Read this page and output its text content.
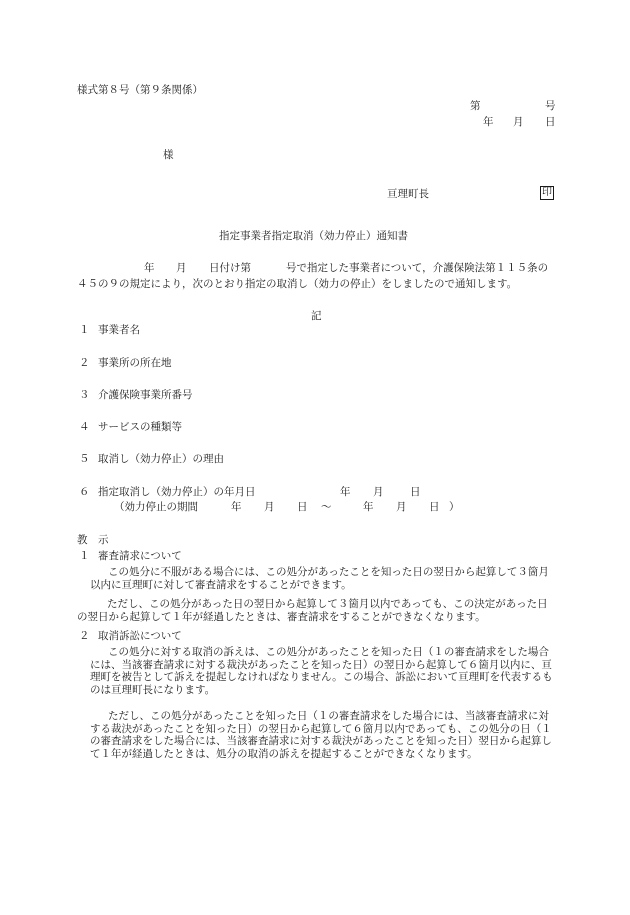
様式第８号（第９条関係）
第	号
年 月 日
様
亘理町長	印
指定事業者指定取消（効力停止）通知書
年 月 日付け第	号で指定した事業者について，介護保険法第１１５条の
４５の９の規定により，次のとおり指定の取消し（効力の停止）をしましたので通知します。
記
１ 事業者名
２ 事業所の所在地
３ 介護保険事業所番号
４ サービスの種類等
５ 取消し（効力停止）の理由
６ 指定取消し（効力停止）の年月日	年 月	日
（効力停止の期間	年 月 日 ～	年 月 日 ）
教　示
１ 審査請求について
この処分に不服がある場合には、この処分があったことを知った日の翌日から起算して３箇月以内に亘理町に対して審査請求をすることができます。
ただし、この処分があった日の翌日から起算して３箇月以内であっても、この決定があった日の翌日から起算して１年が経過したときは、審査請求をすることができなくなります。
２ 取消訴訟について
この処分に対する取消の訴えは、この処分があったことを知った日（１の審査請求をした場合には、当該審査請求に対する裁決があったことを知った日）の翌日から起算して６箇月以内に、亘理町を被告として訴えを提起しなければなりません。この場合、訴訟において亘理町を代表するものは亘理町長になります。
ただし、この処分があったことを知った日（１の審査請求をした場合には、当該審査請求に対する裁決があったことを知った日）の翌日から起算して６箇月以内であっても、この処分の日（１の審査請求をした場合には、当該審査請求に対する裁決があったことを知った日）翌日から起算して１年が経過したときは、処分の取消の訴えを提起することができなくなります。
